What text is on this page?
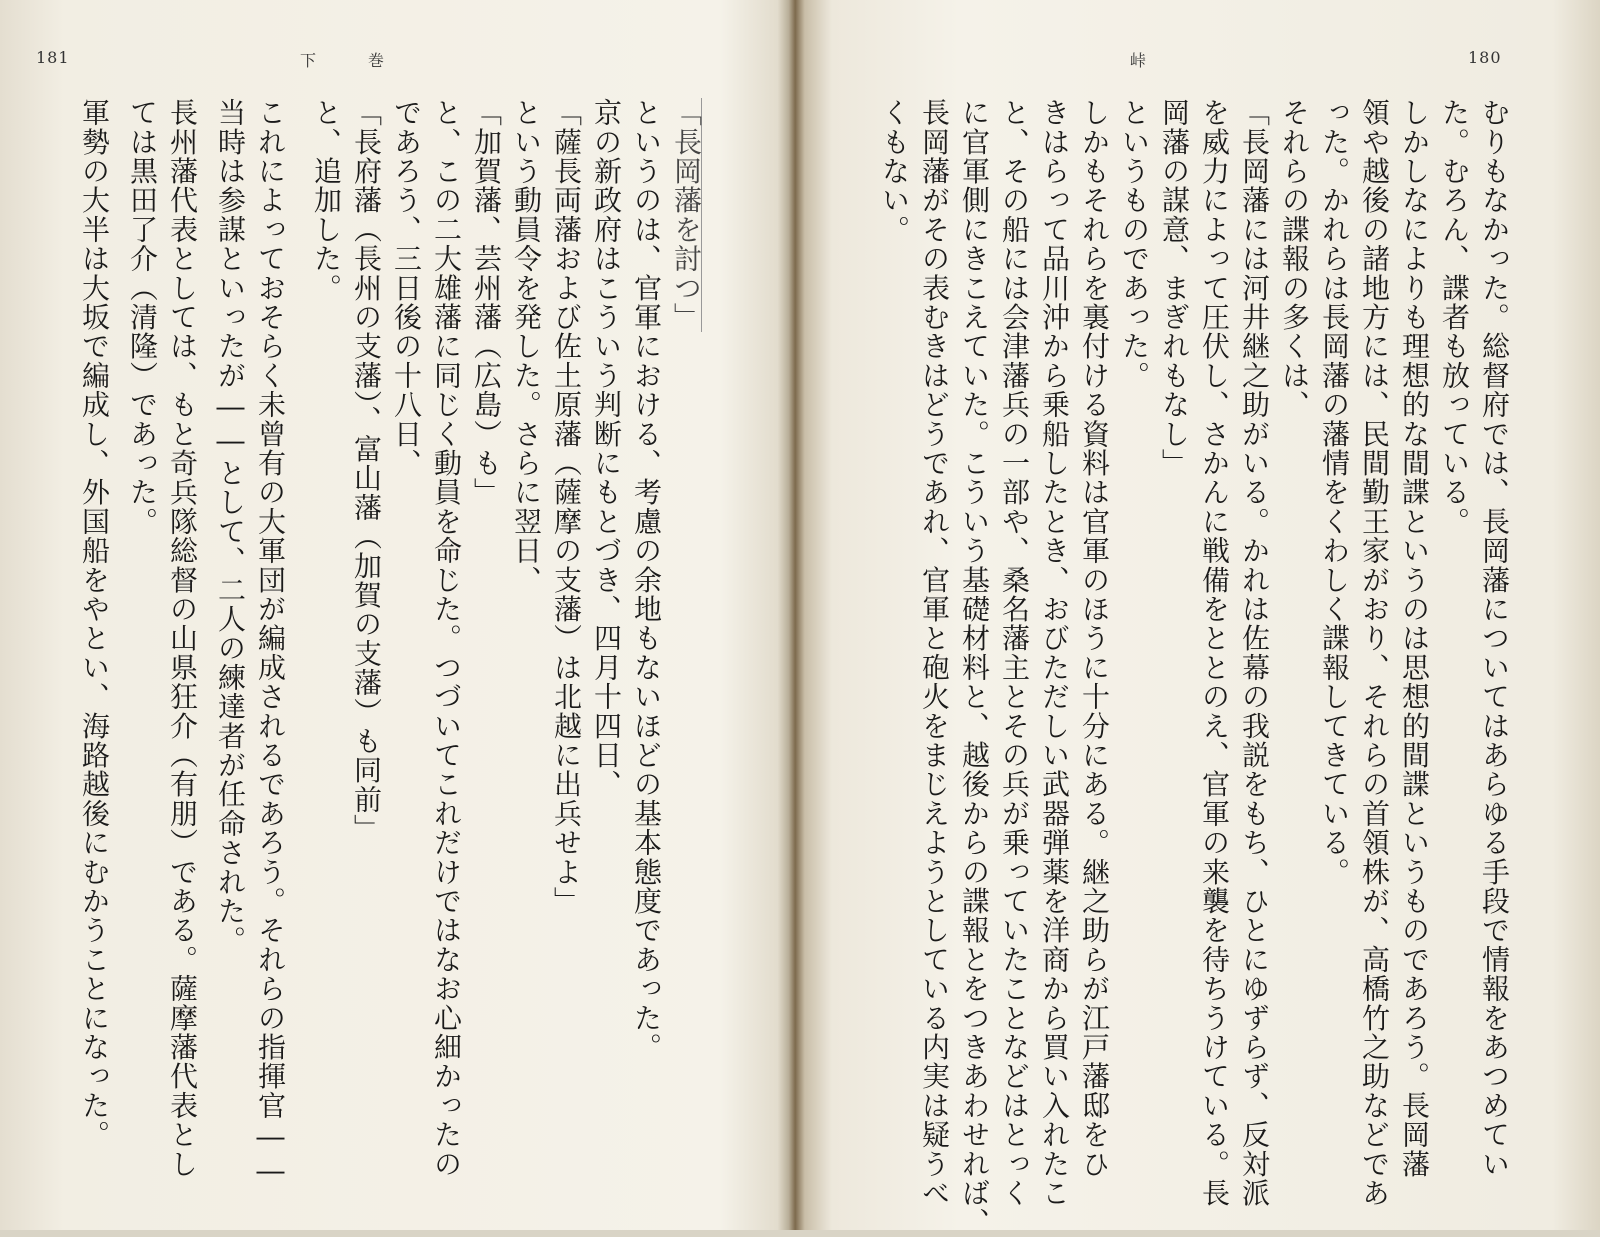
181	下　　　巻
「長岡藩を討つ」
というのは、官軍における、考慮の余地もないほどの基本態度であった。
京の新政府はこういう判断にもとづき、四月十四日、
「薩長両藩および佐土原藩（薩摩の支藩）は北越に出兵せよ」
という動員令を発した。さらに翌日、
「加賀藩、芸州藩（広島）も」
と、この二大雄藩に同じく動員を命じた。つづいてこれだけではなお心細かったの
であろう、三日後の十八日、
「長府藩（長州の支藩）、富山藩（加賀の支藩）も同前」
と、追加した。
これによっておそらく未曾有の大軍団が編成されるであろう。それらの指揮官――
当時は参謀といったが――として、二人の練達者が任命された。
長州藩代表としては、もと奇兵隊総督の山県狂介（有朋）である。薩摩藩代表とし
ては黒田了介（清隆）であった。
軍勢の大半は大坂で編成し、外国船をやとい、海路越後にむかうことになった。
180
峠
むりもなかった。総督府では、長岡藩についてはあらゆる手段で情報をあつめてい
た。むろん、諜者も放っている。
しかしなによりも理想的な間諜というのは思想的間諜というものであろう。長岡藩
領や越後の諸地方には、民間勤王家がおり、それらの首領株が、高橋竹之助などであ
った。かれらは長岡藩の藩情をくわしく諜報してきている。
それらの諜報の多くは、
「長岡藩には河井継之助がいる。かれは佐幕の我説をもち、ひとにゆずらず、反対派
を威力によって圧伏し、さかんに戦備をととのえ、官軍の来襲を待ちうけている。長
岡藩の謀意、まぎれもなし」
というものであった。
しかもそれらを裏付ける資料は官軍のほうに十分にある。継之助らが江戸藩邸をひ
きはらって品川沖から乗船したとき、おびただしい武器弾薬を洋商から買い入れたこ
と、その船には会津藩兵の一部や、桑名藩主とその兵が乗っていたことなどはとっく
に官軍側にきこえていた。こういう基礎材料と、越後からの諜報とをつきあわせれば、
長岡藩がその表むきはどうであれ、官軍と砲火をまじえようとしている内実は疑うべ
くもない。
